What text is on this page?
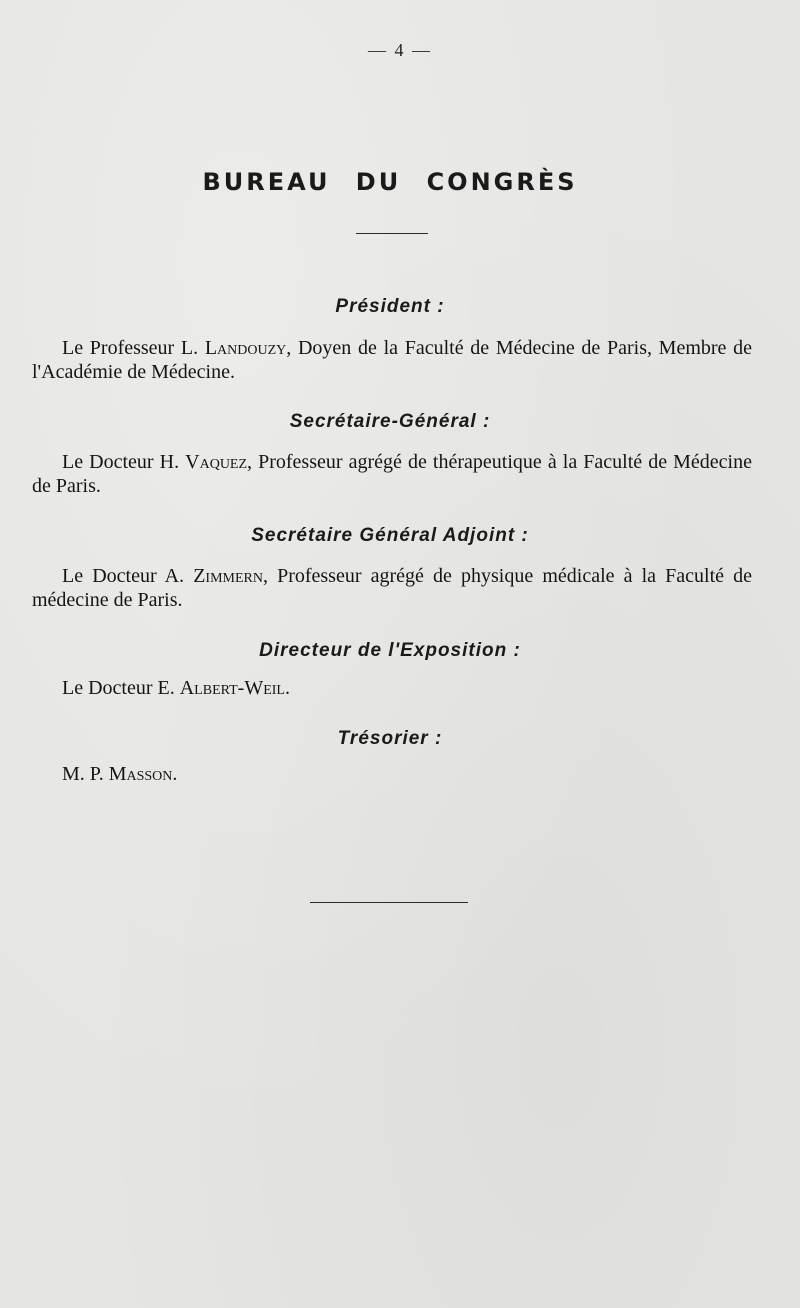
— 4 —
BUREAU DU CONGRÈS
Président :
Le Professeur L. Landouzy, Doyen de la Faculté de Médecine de Paris, Membre de l'Académie de Médecine.
Secrétaire-Général :
Le Docteur H. Vaquez, Professeur agrégé de thérapeutique à la Faculté de Médecine de Paris.
Secrétaire Général Adjoint :
Le Docteur A. Zimmern, Professeur agrégé de physique médicale à la Faculté de médecine de Paris.
Directeur de l'Exposition :
Le Docteur E. Albert-Weil.
Trésorier :
M. P. Masson.
